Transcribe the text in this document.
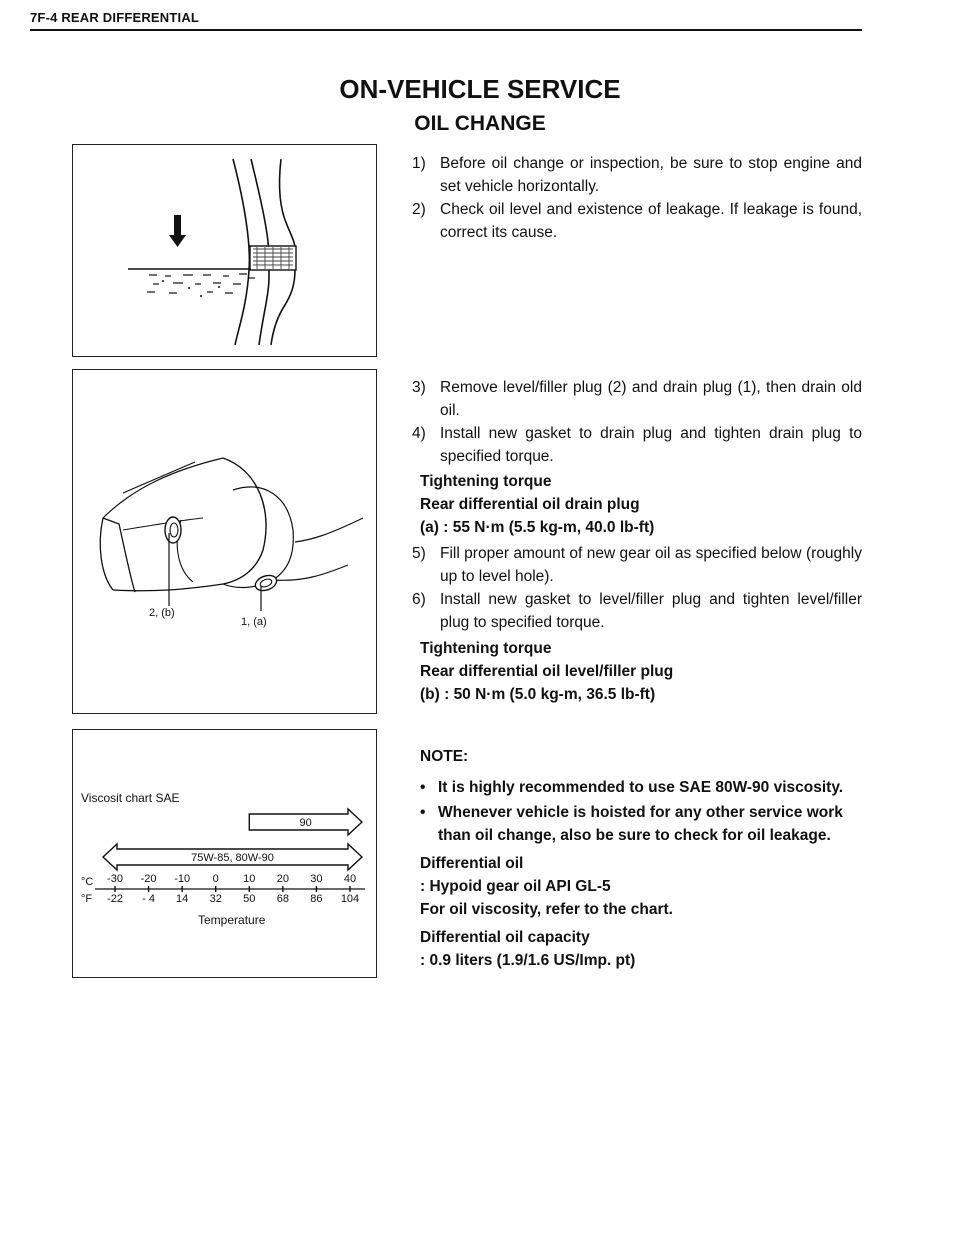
7F-4 REAR DIFFERENTIAL
ON-VEHICLE SERVICE
OIL CHANGE
1) Before oil change or inspection, be sure to stop engine and set vehicle horizontally.
2) Check oil level and existence of leakage. If leakage is found, correct its cause.
2, (b)
1, (a)
3) Remove level/filler plug (2) and drain plug (1), then drain old oil.
4) Install new gasket to drain plug and tighten drain plug to specified torque.
Tightening torque
Rear differential oil drain plug
(a) : 55 N·m (5.5 kg-m, 40.0 lb-ft)
5) Fill proper amount of new gear oil as specified below (roughly up to level hole).
6) Install new gasket to level/filler plug and tighten level/filler plug to specified torque.
Tightening torque
Rear differential oil level/filler plug
(b) : 50 N·m (5.0 kg-m, 36.5 lb-ft)
Viscosit chart SAE
°C
°F
Temperature
-30
-22
-20
- 4
-10
14
0
32
10
50
20
68
30
86
40
104
90
75W-85, 80W-90
NOTE:
• It is highly recommended to use SAE 80W-90 viscosity.
• Whenever vehicle is hoisted for any other service work than oil change, also be sure to check for oil leakage.
Differential oil
: Hypoid gear oil API GL-5
For oil viscosity, refer to the chart.
Differential oil capacity
: 0.9 liters (1.9/1.6 US/Imp. pt)
